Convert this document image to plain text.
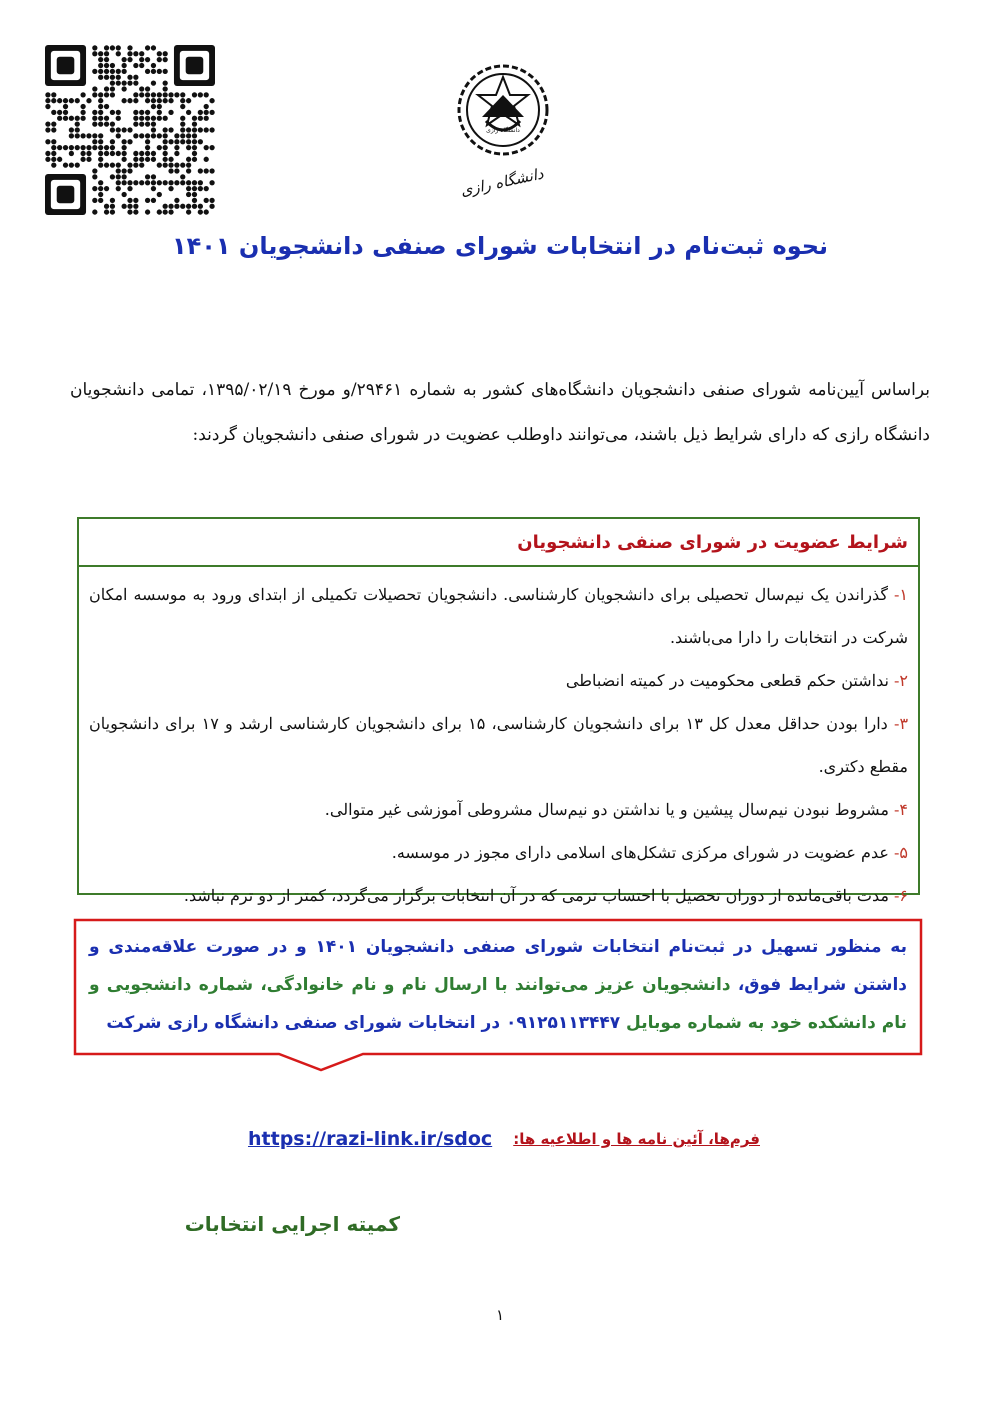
دانشگاه رازی
دانشگاه رازی
نحوه ثبت‌نام در انتخابات شورای صنفی دانشجویان ۱۴۰۱
براساس آیین‌نامه شورای صنفی دانشجویان دانشگاه‌های کشور به شماره ۲۹۴۶۱/و مورخ ۱۳۹۵/۰۲/۱۹، تمامی دانشجویان دانشگاه رازی که دارای شرایط ذیل باشند، می‌توانند داوطلب عضویت در شورای صنفی دانشجویان گردند:
شرایط عضویت در شورای صنفی دانشجویان
۱- گذراندن یک نیم‌سال تحصیلی برای دانشجویان کارشناسی. دانشجویان تحصیلات تکمیلی از ابتدای ورود به موسسه امکان شرکت در انتخابات را دارا می‌باشند.
۲- نداشتن حکم قطعی محکومیت در کمیته انضباطی
۳- دارا بودن حداقل معدل کل ۱۳ برای دانشجویان کارشناسی، ۱۵ برای دانشجویان کارشناسی ارشد و ۱۷ برای دانشجویان مقطع دکتری.
۴- مشروط نبودن نیم‌سال پیشین و یا نداشتن دو نیم‌سال مشروطی آموزشی غیر متوالی.
۵- عدم عضویت در شورای مرکزی تشکل‌های اسلامی دارای مجوز در موسسه.
۶- مدت باقی‌مانده از دوران تحصیل با احتساب ترمی که در آن انتخابات برگزار می‌گردد، کمتر از دو ترم نباشد.
به منظور تسهیل در ثبت‌نام انتخابات شورای صنفی دانشجویان ۱۴۰۱ و در صورت علاقه‌مندی و داشتن شرایط فوق، دانشجویان عزیز می‌توانند با ارسال نام و نام خانوادگی، شماره دانشجویی و نام دانشکده خود به شماره موبایل ۰۹۱۲۵۱۱۳۴۴۷ در انتخابات شورای صنفی دانشگاه رازی شرکت
فرم‌ها، آئین نامه ها و اطلاعیه ها:
https://razi-link.ir/sdoc
کمیته اجرایی انتخابات
۱
